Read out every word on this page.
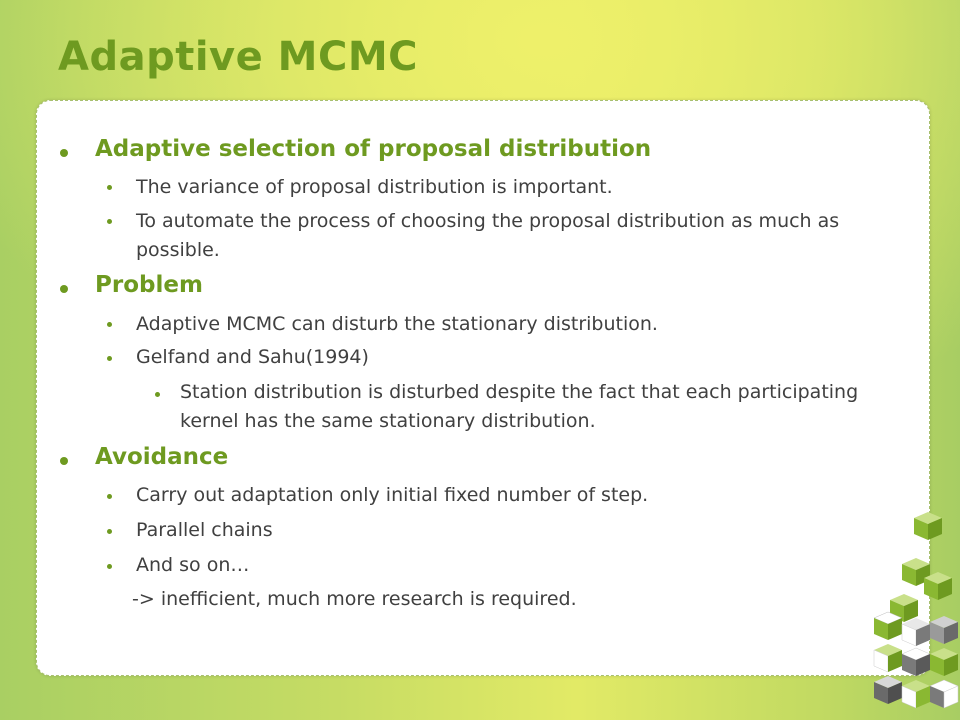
Adaptive MCMC
Adaptive selection of proposal distribution
The variance of proposal distribution is important.
To automate the process of choosing the proposal distribution as much as possible.
Problem
Adaptive MCMC can disturb the stationary distribution.
Gelfand and Sahu(1994)
Station distribution is disturbed despite the fact that each participating kernel has the same stationary distribution.
Avoidance
Carry out adaptation only initial fixed number of step.
Parallel chains
And so on…
-> inefficient, much more research is required.
